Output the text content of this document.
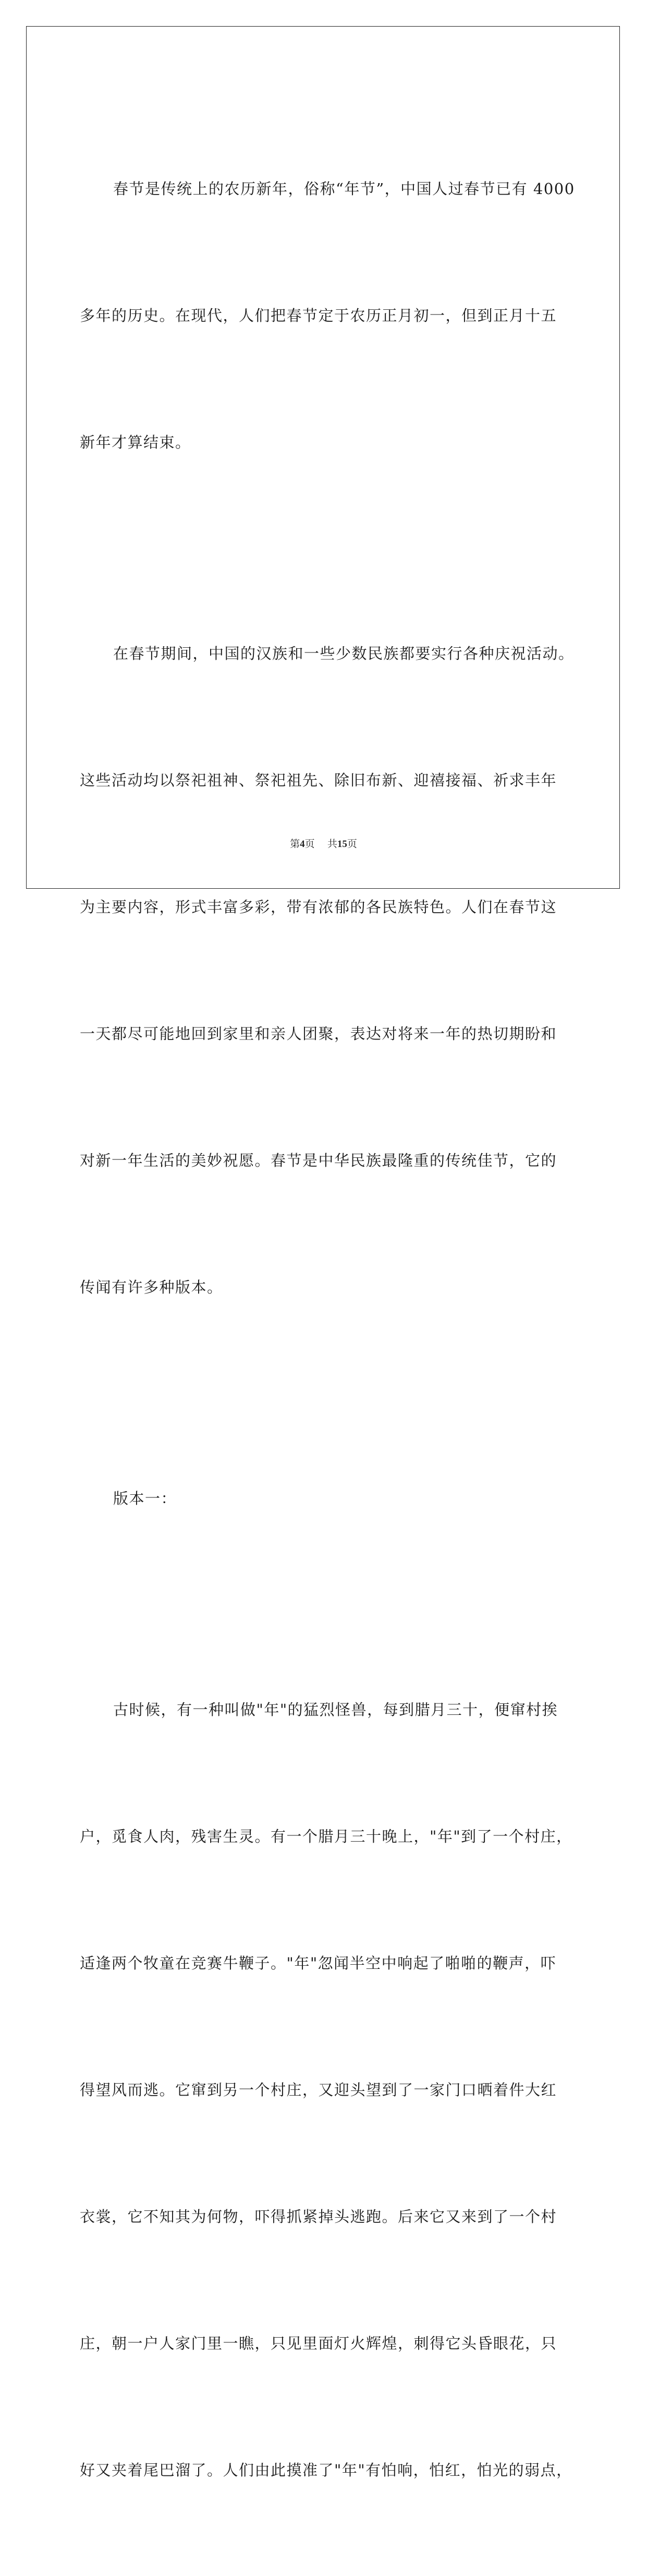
春节是传统上的农历新年，俗称“年节”，中国人过春节已有 4000

多年的历史。在现代，人们把春节定于农历正月初一，但到正月十五

新年才算结束。

在春节期间，中国的汉族和一些少数民族都要实行各种庆祝活动。

这些活动均以祭祀祖神、祭祀祖先、除旧布新、迎禧接福、祈求丰年

为主要内容，形式丰富多彩，带有浓郁的各民族特色。人们在春节这

一天都尽可能地回到家里和亲人团聚，表达对将来一年的热切期盼和

对新一年生活的美妙祝愿。春节是中华民族最隆重的传统佳节，它的

传闻有许多种版本。

版本一：

古时候，有一种叫做"年"的猛烈怪兽，每到腊月三十，便窜村挨

户，觅食人肉，残害生灵。有一个腊月三十晚上，"年"到了一个村庄，

适逢两个牧童在竞赛牛鞭子。"年"忽闻半空中响起了啪啪的鞭声，吓

得望风而逃。它窜到另一个村庄，又迎头望到了一家门口晒着件大红

衣裳，它不知其为何物，吓得抓紧掉头逃跑。后来它又来到了一个村

庄，朝一户人家门里一瞧，只见里面灯火辉煌，刺得它头昏眼花，只

好又夹着尾巴溜了。人们由此摸准了"年"有怕响，怕红，怕光的弱点，

第4页 共15页
